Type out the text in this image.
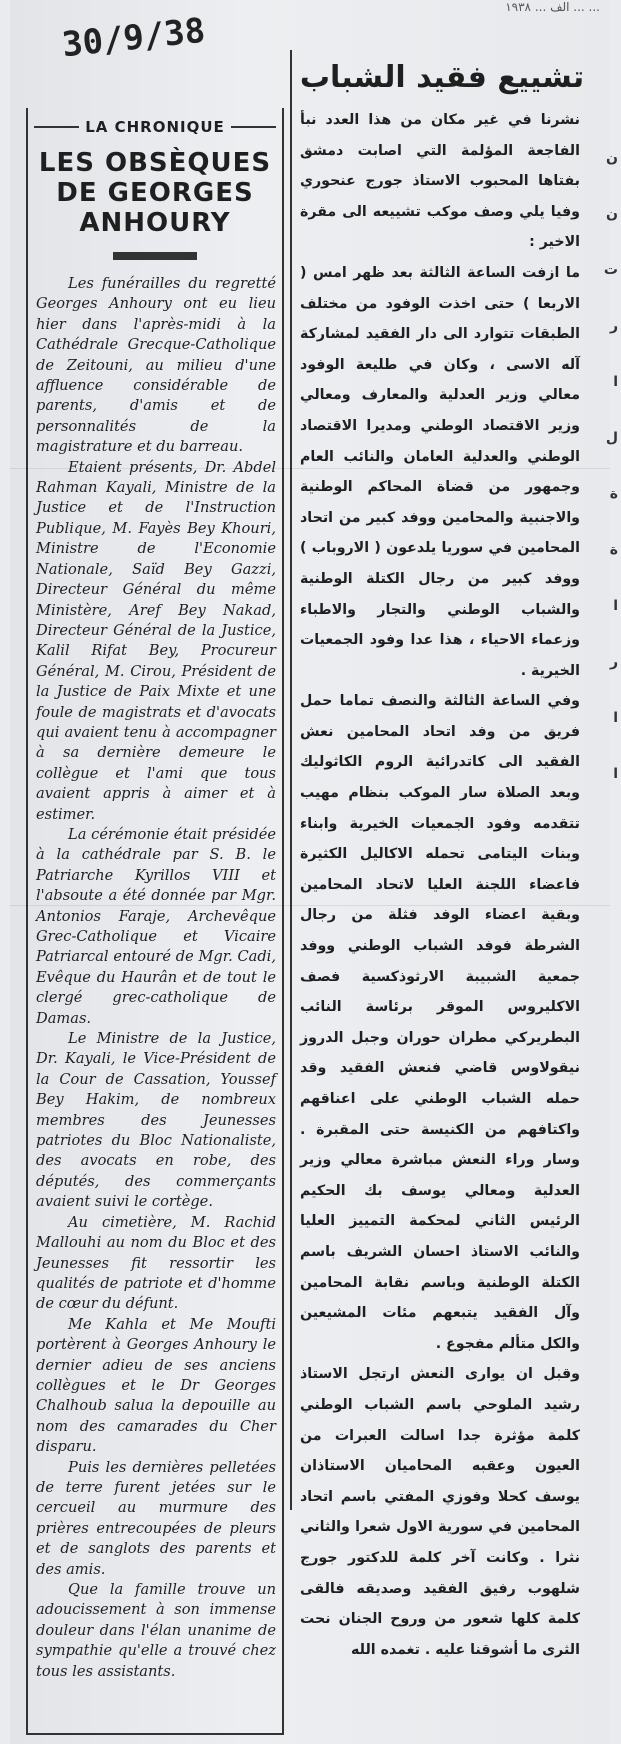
30/9/38
... ... الف ... ١٩٣٨
LA CHRONIQUE
LES OBSÈQUES DE GEORGES ANHOURY

Les funérailles du regretté Georges Anhoury ont eu lieu hier dans l'après-midi à la Cathédrale Grecque-Catholique de Zeitouni, au milieu d'une affluence considérable de parents, d'amis et de personnalités de la magistrature et du barreau.

Etaient présents, Dr. Abdel Rahman Kayali, Ministre de la Justice et de l'Instruction Publique, M. Fayès Bey Khouri, Ministre de l'Economie Nationale, Saïd Bey Gazzi, Directeur Général du même Ministère, Aref Bey Nakad, Directeur Général de la Justice, Kalil Rifat Bey, Procureur Général, M. Cirou, Président de la Justice de Paix Mixte et une foule de magistrats et d'avocats qui avaient tenu à accompagner à sa dernière demeure le collègue et l'ami que tous avaient appris à aimer et à estimer.

La cérémonie était présidée à la cathédrale par S. B. le Patriarche Kyrillos VIII et l'absoute a été donnée par Mgr. Antonios Faraje, Archevêque Grec-Catholique et Vicaire Patriarcal entouré de Mgr. Cadi, Evêque du Haurân et de tout le clergé grec-catholique de Damas.

Le Ministre de la Justice, Dr. Kayali, le Vice-Président de la Cour de Cassation, Youssef Bey Hakim, de nombreux membres des Jeunesses patriotes du Bloc Nationaliste, des avocats en robe, des députés, des commerçants avaient suivi le cortège.

Au cimetière, M. Rachid Mallouhi au nom du Bloc et des Jeunesses fit ressortir les qualités de patriote et d'homme de cœur du défunt.

Me Kahla et Me Moufti portèrent à Georges Anhoury le dernier adieu de ses anciens collègues et le Dr Georges Chalhoub salua la depouille au nom des camarades du Cher disparu.

Puis les dernières pelletées de terre furent jetées sur le cercueil au murmure des prières entrecoupées de pleurs et de sanglots des parents et des amis.

Que la famille trouve un adoucissement à son immense douleur dans l'élan unanime de sympathie qu'elle a trouvé chez tous les assistants.

تشييع فقيد الشباب

نشرنا في غير مكان من هذا العدد نبأ الفاجعة المؤلمة التي اصابت دمشق بفتاها المحبوب الاستاذ جورج عنحوري وفيا يلي وصف موكب تشييعه الى مقرة الاخير :

ما ازفت الساعة الثالثة بعد ظهر امس ( الاربعا ) حتى اخذت الوفود من مختلف الطبقات تتوارد الى دار الفقيد لمشاركة آله الاسى ، وكان في طليعة الوفود معالي وزير العدلية والمعارف ومعالي وزير الاقتصاد الوطني ومديرا الاقتصاد الوطني والعدلية العامان والنائب العام وجمهور من قضاة المحاكم الوطنية والاجنبية والمحامين ووفد كبير من اتحاد المحامين في سوريا يلدعون ( الاروباب ) ووفد كبير من رجال الكتلة الوطنية والشباب الوطني والتجار والاطباء وزعماء الاحياء ، هذا عدا وفود الجمعيات الخيرية .

وفي الساعة الثالثة والنصف تماما حمل فريق من وفد اتحاد المحامين نعش الفقيد الى كاتدرائية الروم الكاثوليك وبعد الصلاة سار الموكب بنظام مهيب تتقدمه وفود الجمعيات الخيرية وابناء وبنات اليتامى تحمله الاكاليل الكثيرة فاعضاء اللجنة العليا لاتحاد المحامين وبقية اعضاء الوفد فثلة من رجال الشرطة فوفد الشباب الوطني ووفد جمعية الشبيبة الارثوذكسية فصف الاكليروس الموقر برئاسة النائب البطريركي مطران حوران وجبل الدروز نيقولاوس قاضي فنعش الفقيد وقد حمله الشباب الوطني على اعناقهم واكتافهم من الكنيسة حتى المقبرة . وسار وراء النعش مباشرة معالي وزير العدلية ومعالي يوسف بك الحكيم الرئيس الثاني لمحكمة التمييز العليا والنائب الاستاذ احسان الشريف باسم الكتلة الوطنية وباسم نقابة المحامين وآل الفقيد يتبعهم مئات المشيعين والكل متألم مفجوع .

وقبل ان يوارى النعش ارتجل الاستاذ رشيد الملوحي باسم الشباب الوطني كلمة مؤثرة جدا اسالت العبرات من العيون وعقبه المحاميان الاستاذان يوسف كحلا وفوزي المفتي باسم اتحاد المحامين في سورية الاول شعرا والثاني نثرا . وكانت آخر كلمة للدكتور جورج شلهوب رفيق الفقيد وصديقه فالقى كلمة كلها شعور من وروح الجنان نحت الثرى ما أشوقنا عليه . تغمده الله

ن
ن
ت
ر
ا
ل
ة
ة
ا
ر
ا
ا
